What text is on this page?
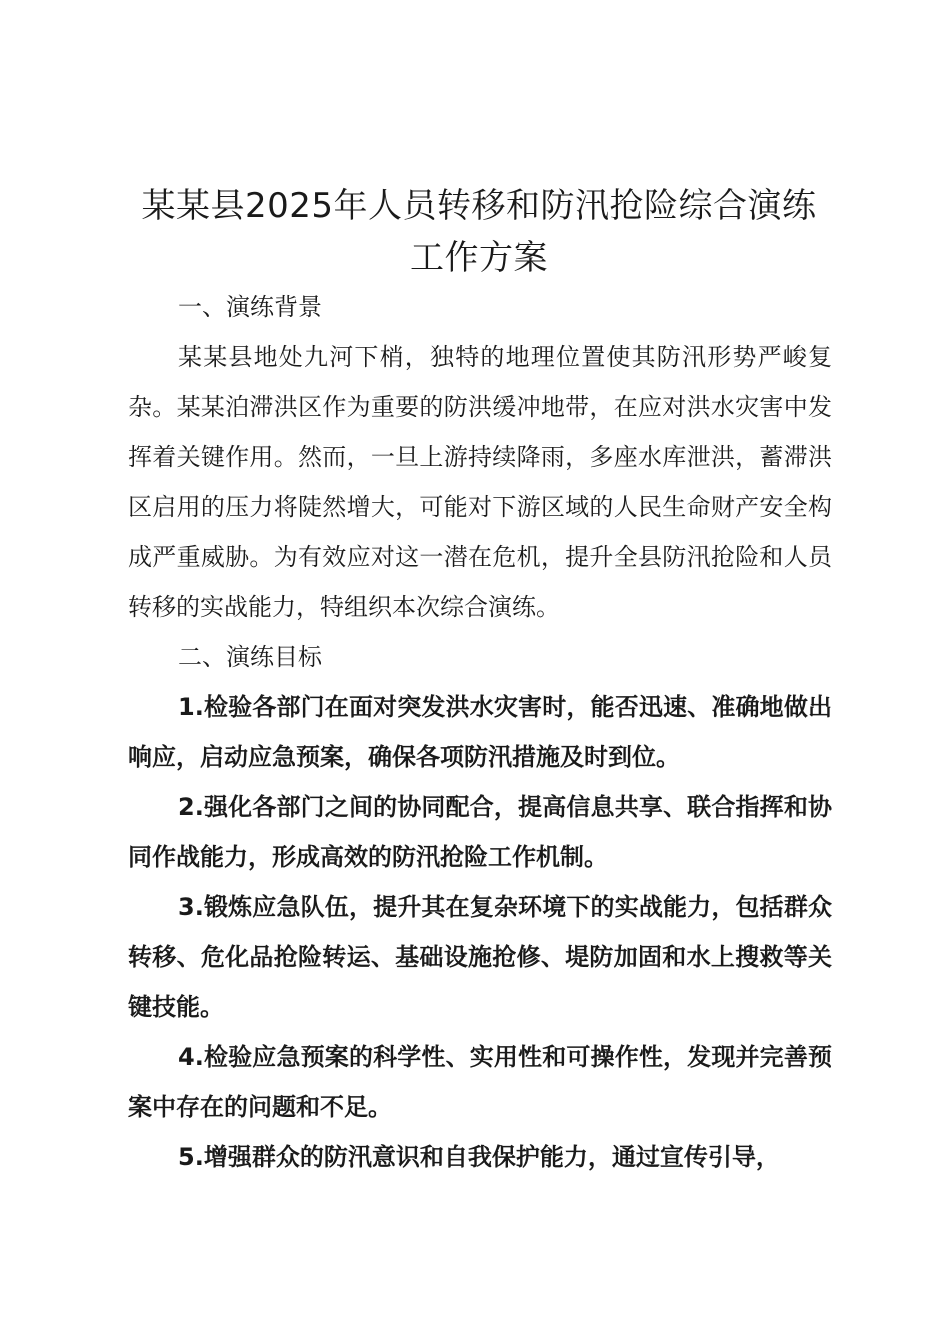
某某县2025年人员转移和防汛抢险综合演练
工作方案

一、演练背景

某某县地处九河下梢，独特的地理位置使其防汛形势严峻复杂。某某泊滞洪区作为重要的防洪缓冲地带，在应对洪水灾害中发挥着关键作用。然而，一旦上游持续降雨，多座水库泄洪，蓄滞洪区启用的压力将陡然增大，可能对下游区域的人民生命财产安全构成严重威胁。为有效应对这一潜在危机，提升全县防汛抢险和人员转移的实战能力，特组织本次综合演练。

二、演练目标

1.检验各部门在面对突发洪水灾害时，能否迅速、准确地做出响应，启动应急预案，确保各项防汛措施及时到位。

2.强化各部门之间的协同配合，提高信息共享、联合指挥和协同作战能力，形成高效的防汛抢险工作机制。

3.锻炼应急队伍，提升其在复杂环境下的实战能力，包括群众转移、危化品抢险转运、基础设施抢修、堤防加固和水上搜救等关键技能。

4.检验应急预案的科学性、实用性和可操作性，发现并完善预案中存在的问题和不足。

5.增强群众的防汛意识和自我保护能力，通过宣传引导，
